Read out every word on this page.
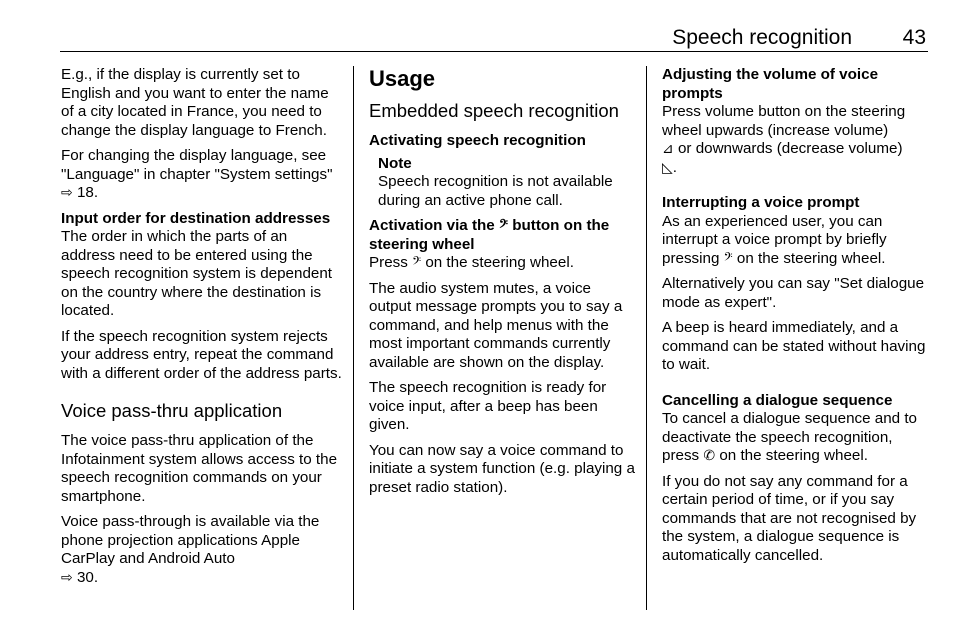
Speech recognition 43

E.g., if the display is currently set to English and you want to enter the name of a city located in France, you need to change the display language to French.

For changing the display language, see "Language" in chapter "System settings" ⇨ 18.

Input order for destination addresses

The order in which the parts of an address need to be entered using the speech recognition system is dependent on the country where the destination is located.

If the speech recognition system rejects your address entry, repeat the command with a different order of the address parts.

Voice pass-thru application

The voice pass-thru application of the Infotainment system allows access to the speech recognition commands on your smartphone.

Voice pass-through is available via the phone projection applications Apple CarPlay and Android Auto
⇨ 30.

Usage
Embedded speech recognition
Activating speech recognition
Note
Speech recognition is not available during an active phone call.
Activation via the 𝄢 button on the steering wheel

Press 𝄢 on the steering wheel.

The audio system mutes, a voice output message prompts you to say a command, and help menus with the most important commands currently available are shown on the display.

The speech recognition is ready for voice input, after a beep has been given.

You can now say a voice command to initiate a system function (e.g. playing a preset radio station).

Adjusting the volume of voice prompts

Press volume button on the steering wheel upwards (increase volume)
⊿ or downwards (decrease volume)
◺.

Interrupting a voice prompt

As an experienced user, you can interrupt a voice prompt by briefly pressing 𝄢 on the steering wheel.

Alternatively you can say "Set dialogue mode as expert".

A beep is heard immediately, and a command can be stated without having to wait.

Cancelling a dialogue sequence

To cancel a dialogue sequence and to deactivate the speech recognition, press ✆ on the steering wheel.

If you do not say any command for a certain period of time, or if you say commands that are not recognised by the system, a dialogue sequence is automatically cancelled.
